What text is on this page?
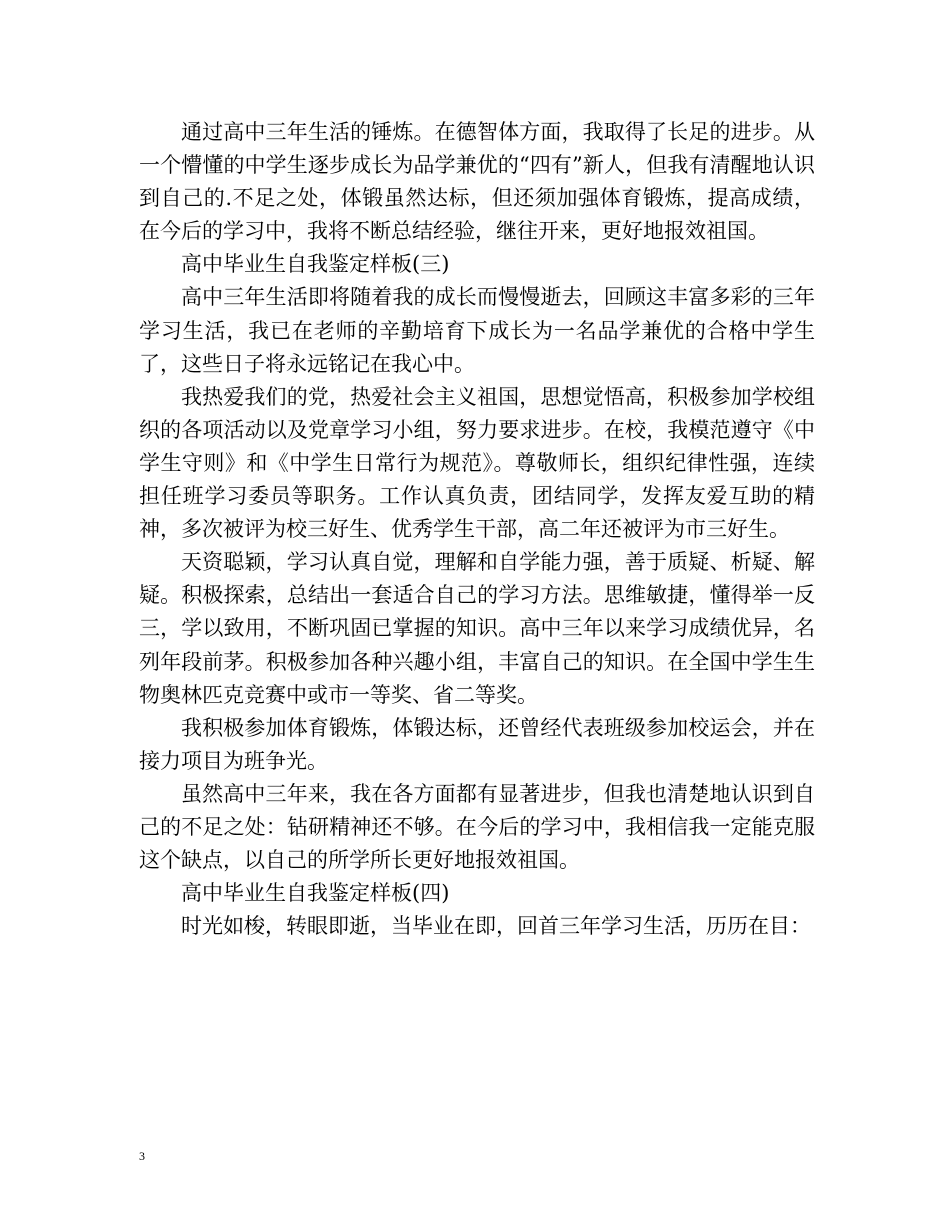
通过高中三年生活的锤炼。在德智体方面，我取得了长足的进步。从一个懵懂的中学生逐步成长为品学兼优的“四有”新人，但我有清醒地认识到自己的.不足之处，体锻虽然达标，但还须加强体育锻炼，提高成绩，在今后的学习中，我将不断总结经验，继往开来，更好地报效祖国。

高中毕业生自我鉴定样板(三)

高中三年生活即将随着我的成长而慢慢逝去，回顾这丰富多彩的三年学习生活，我已在老师的辛勤培育下成长为一名品学兼优的合格中学生了，这些日子将永远铭记在我心中。

我热爱我们的党，热爱社会主义祖国，思想觉悟高，积极参加学校组织的各项活动以及党章学习小组，努力要求进步。在校，我模范遵守《中学生守则》和《中学生日常行为规范》。尊敬师长，组织纪律性强，连续担任班学习委员等职务。工作认真负责，团结同学，发挥友爱互助的精神，多次被评为校三好生、优秀学生干部，高二年还被评为市三好生。

天资聪颖，学习认真自觉，理解和自学能力强，善于质疑、析疑、解疑。积极探索，总结出一套适合自己的学习方法。思维敏捷，懂得举一反三，学以致用，不断巩固已掌握的知识。高中三年以来学习成绩优异，名列年段前茅。积极参加各种兴趣小组，丰富自己的知识。在全国中学生生物奥林匹克竞赛中或市一等奖、省二等奖。

我积极参加体育锻炼，体锻达标，还曾经代表班级参加校运会，并在接力项目为班争光。

虽然高中三年来，我在各方面都有显著进步，但我也清楚地认识到自己的不足之处：钻研精神还不够。在今后的学习中，我相信我一定能克服这个缺点，以自己的所学所长更好地报效祖国。

高中毕业生自我鉴定样板(四)

时光如梭，转眼即逝，当毕业在即，回首三年学习生活，历历在目：

3
